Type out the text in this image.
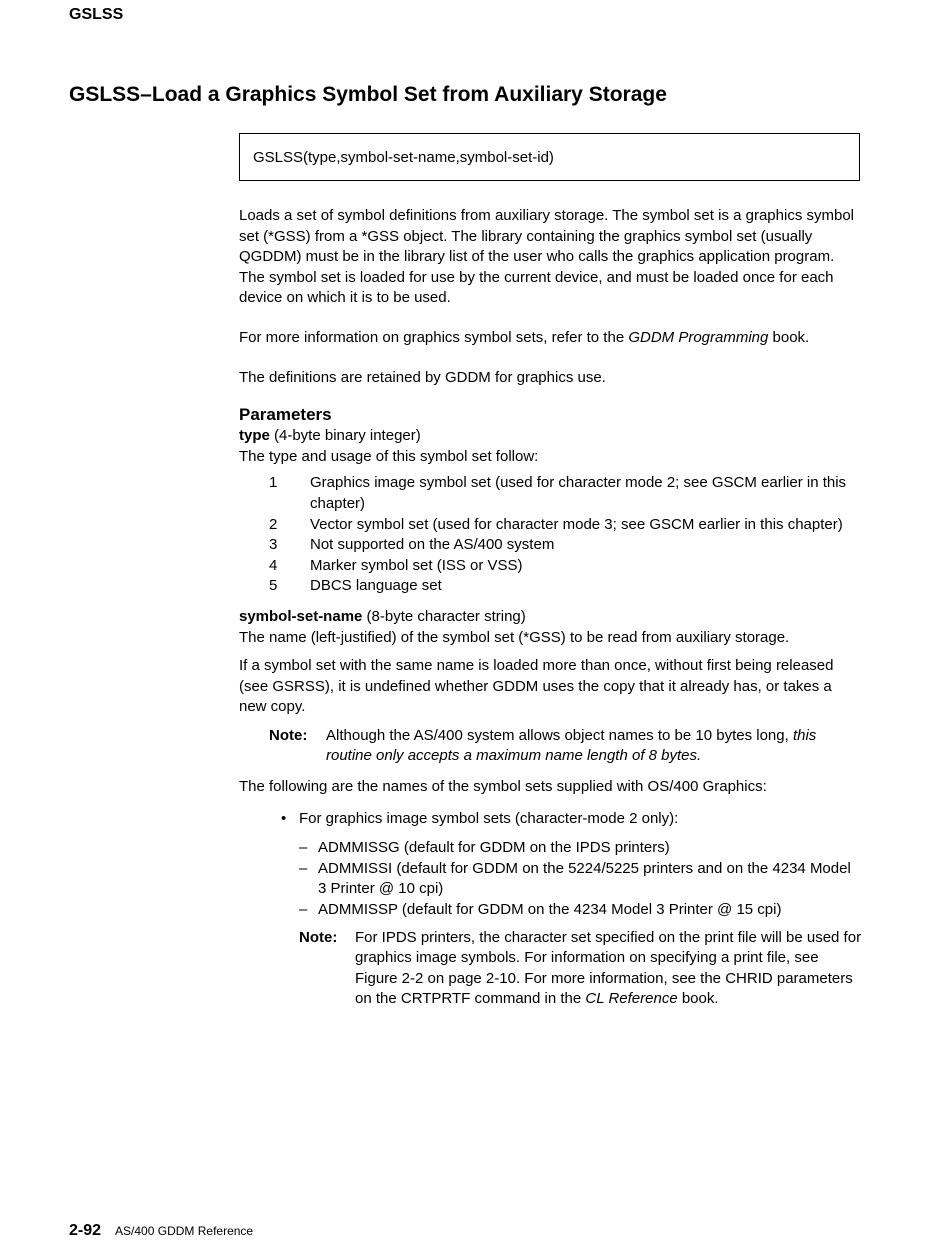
GSLSS
GSLSS–Load a Graphics Symbol Set from Auxiliary Storage
GSLSS(type,symbol-set-name,symbol-set-id)

Loads a set of symbol definitions from auxiliary storage. The symbol set is a graphics symbol set (*GSS) from a *GSS object. The library containing the graphics symbol set (usually QGDDM) must be in the library list of the user who calls the graphics application program. The symbol set is loaded for use by the current device, and must be loaded once for each device on which it is to be used.

For more information on graphics symbol sets, refer to the GDDM Programming book.

The definitions are retained by GDDM for graphics use.

Parameters

type (4-byte binary integer)

The type and usage of this symbol set follow:

1	Graphics image symbol set (used for character mode 2; see GSCM earlier in this chapter)
2	Vector symbol set (used for character mode 3; see GSCM earlier in this chapter)
3	Not supported on the AS/400 system
4	Marker symbol set (ISS or VSS)
5	DBCS language set

symbol-set-name (8-byte character string)

The name (left-justified) of the symbol set (*GSS) to be read from auxiliary storage.

If a symbol set with the same name is loaded more than once, without first being released (see GSRSS), it is undefined whether GDDM uses the copy that it already has, or takes a new copy.

Note:	Although the AS/400 system allows object names to be 10 bytes long, this routine only accepts a maximum name length of 8 bytes.

The following are the names of the symbol sets supplied with OS/400 Graphics:

• For graphics image symbol sets (character-mode 2 only):
– ADMMISSG (default for GDDM on the IPDS printers)
– ADMMISSI (default for GDDM on the 5224/5225 printers and on the 4234 Model 3 Printer @ 10 cpi)
– ADMMISSP (default for GDDM on the 4234 Model 3 Printer @ 15 cpi)
Note:	For IPDS printers, the character set specified on the print file will be used for graphics image symbols. For information on specifying a print file, see Figure 2-2 on page 2-10. For more information, see the CHRID parameters on the CRTPRTF command in the CL Reference book.
2-92 AS/400 GDDM Reference
